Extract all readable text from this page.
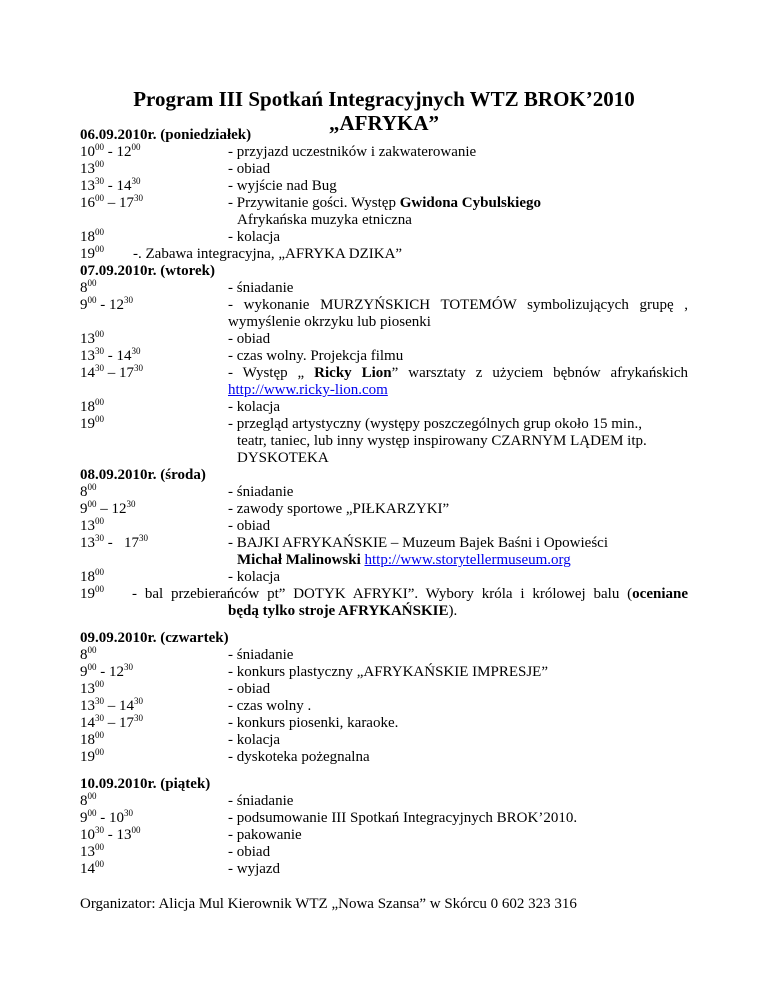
Program III Spotkań Integracyjnych WTZ BROK’2010
„AFRYKA”
06.09.2010r. (poniedziałek)
$10^{00} - 12^{00}$	- przyjazd uczestników i zakwaterowanie
$13^{00}$	- obiad
$13^{30} - 14^{30}$	- wyjście nad Bug
$16^{00} - 17^{30}$	- Przywitanie gości. Występ Gwidona Cybulskiego
Afrykańska muzyka etniczna
$18^{00}$	- kolacja
$19^{00}$ -. Zabawa integracyjna, „AFRYKA DZIKA”
07.09.2010r. (wtorek)
$8^{00}$	- śniadanie
$9^{00} - 12^{30}$	- wykonanie MURZYŃSKICH TOTEMÓW symbolizujących grupę ,
wymyślenie okrzyku lub piosenki
$13^{00}$	- obiad
$13^{30} - 14^{30}$	- czas wolny. Projekcja filmu
$14^{30} - 17^{30}$	- Występ „ Ricky Lion” warsztaty z użyciem bębnów afrykańskich
http://www.ricky-lion.com
$18^{00}$	- kolacja
$19^{00}$	- przegląd artystyczny (występy poszczególnych grup około 15 min.,
teatr, taniec, lub inny występ inspirowany CZARNYM LĄDEM itp.
DYSKOTEKA
08.09.2010r. (środa)
$8^{00}$	- śniadanie
$9^{00} - 12^{30}$	- zawody sportowe „PIŁKARZYKI”
$13^{00}$	- obiad
$13^{30} - 17^{30}$	- BAJKI AFRYKAŃSKIE – Muzeum Bajek Baśni i Opowieści
Michał Malinowski http://www.storytellermuseum.org
$18^{00}$	- kolacja
$19^{00}$ - bal przebierańców pt” DOTYK AFRYKI”. Wybory króla i królowej balu (oceniane
będą tylko stroje AFRYKAŃSKIE).
09.09.2010r. (czwartek)
$8^{00}$	- śniadanie
$9^{00} - 12^{30}$	- konkurs plastyczny „AFRYKAŃSKIE IMPRESJE”
$13^{00}$	- obiad
$13^{30} - 14^{30}$	- czas wolny .
$14^{30} - 17^{30}$	- konkurs piosenki, karaoke.
$18^{00}$	- kolacja
$19^{00}$	- dyskoteka pożegnalna
10.09.2010r. (piątek)
$8^{00}$	- śniadanie
$9^{00} - 10^{30}$	- podsumowanie III Spotkań Integracyjnych BROK’2010.
$10^{30} - 13^{00}$	- pakowanie
$13^{00}$	- obiad
$14^{00}$	- wyjazd
Organizator: Alicja Mul Kierownik WTZ „Nowa Szansa” w Skórcu 0 602 323 316
